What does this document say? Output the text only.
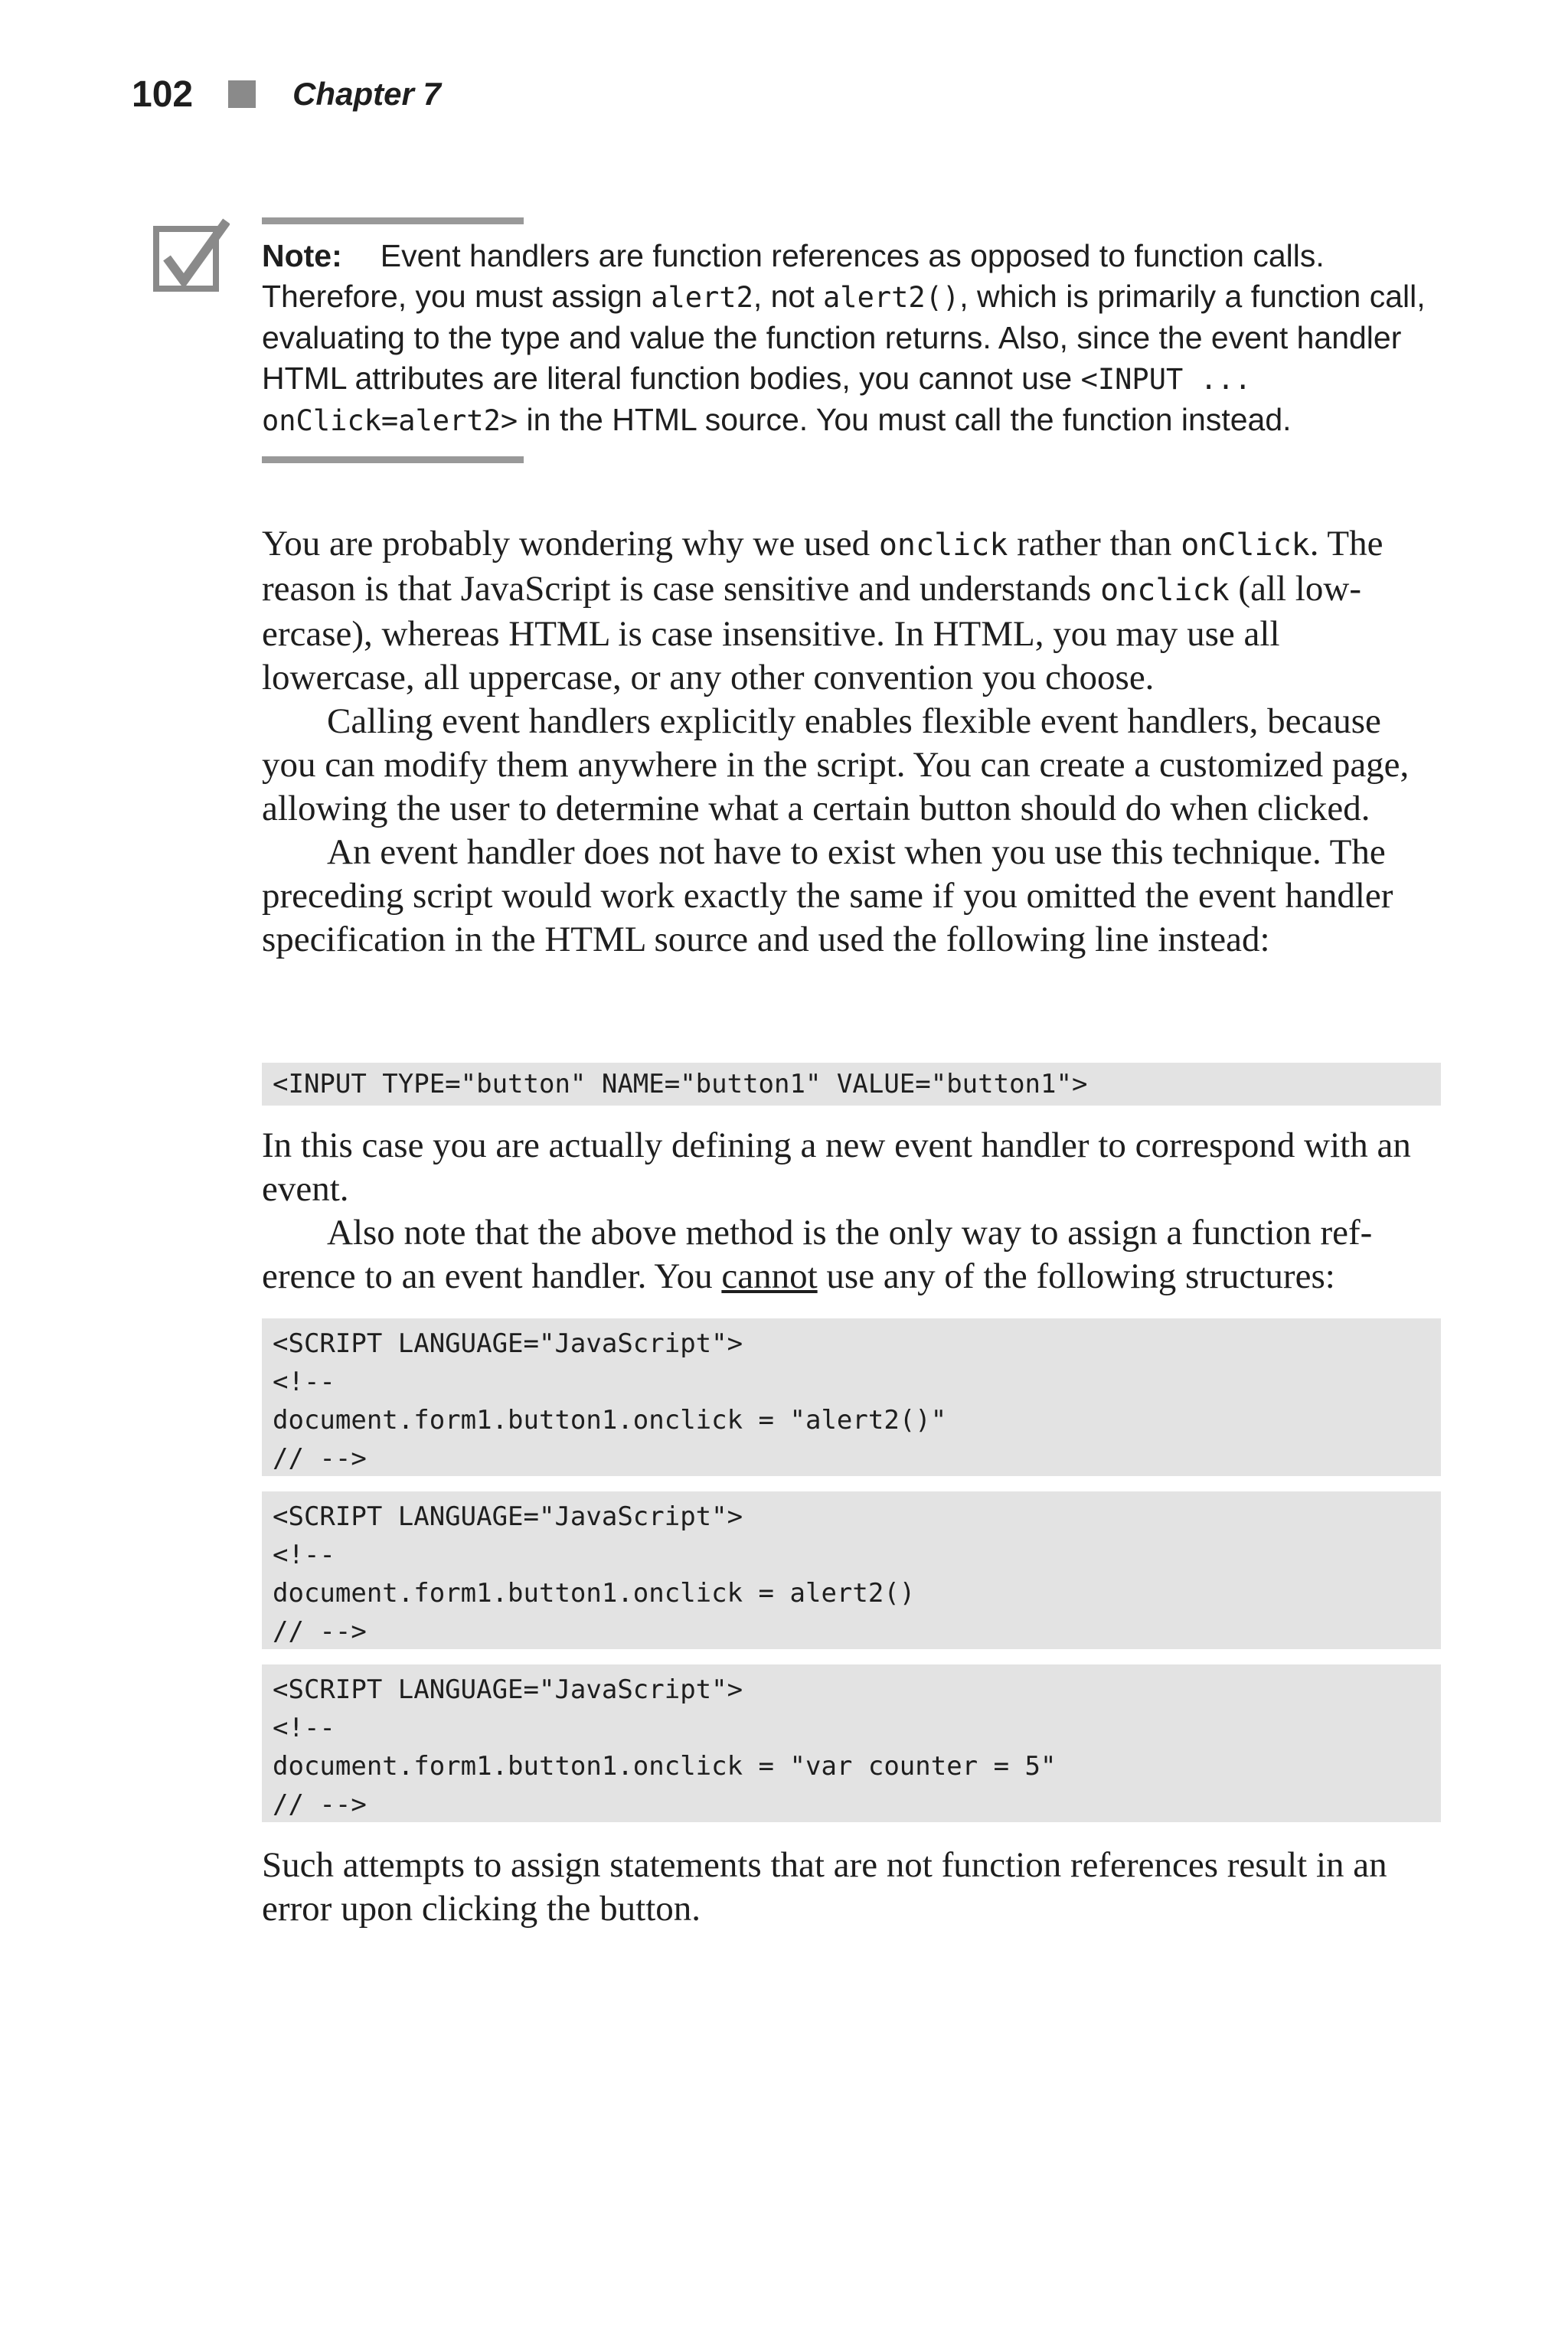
102	Chapter 7
Note: Event handlers are function references as opposed to function calls. Therefore, you must assign alert2, not alert2(), which is primarily a function call, evaluating to the type and value the function returns. Also, since the event handler HTML attributes are literal function bodies, you cannot use <INPUT ... onClick=alert2> in the HTML source. You must call the function instead.

You are probably wondering why we used onclick rather than onClick. The reason is that JavaScript is case sensitive and understands onclick (all lowercase), whereas HTML is case insensitive. In HTML, you may use all lowercase, all uppercase, or any other convention you choose.

Calling event handlers explicitly enables flexible event handlers, because you can modify them anywhere in the script. You can create a customized page, allowing the user to determine what a certain button should do when clicked.

An event handler does not have to exist when you use this technique. The preceding script would work exactly the same if you omitted the event handler specification in the HTML source and used the following line instead:

<INPUT TYPE="button" NAME="button1" VALUE="button1">

In this case you are actually defining a new event handler to correspond with an event.

Also note that the above method is the only way to assign a function reference to an event handler. You cannot use any of the following structures:

<SCRIPT LANGUAGE="JavaScript">
<!--
document.form1.button1.onclick = "alert2()"
// -->
<SCRIPT LANGUAGE="JavaScript">
<!--
document.form1.button1.onclick = alert2()
// -->
<SCRIPT LANGUAGE="JavaScript">
<!--
document.form1.button1.onclick = "var counter = 5"
// -->

Such attempts to assign statements that are not function references result in an error upon clicking the button.
